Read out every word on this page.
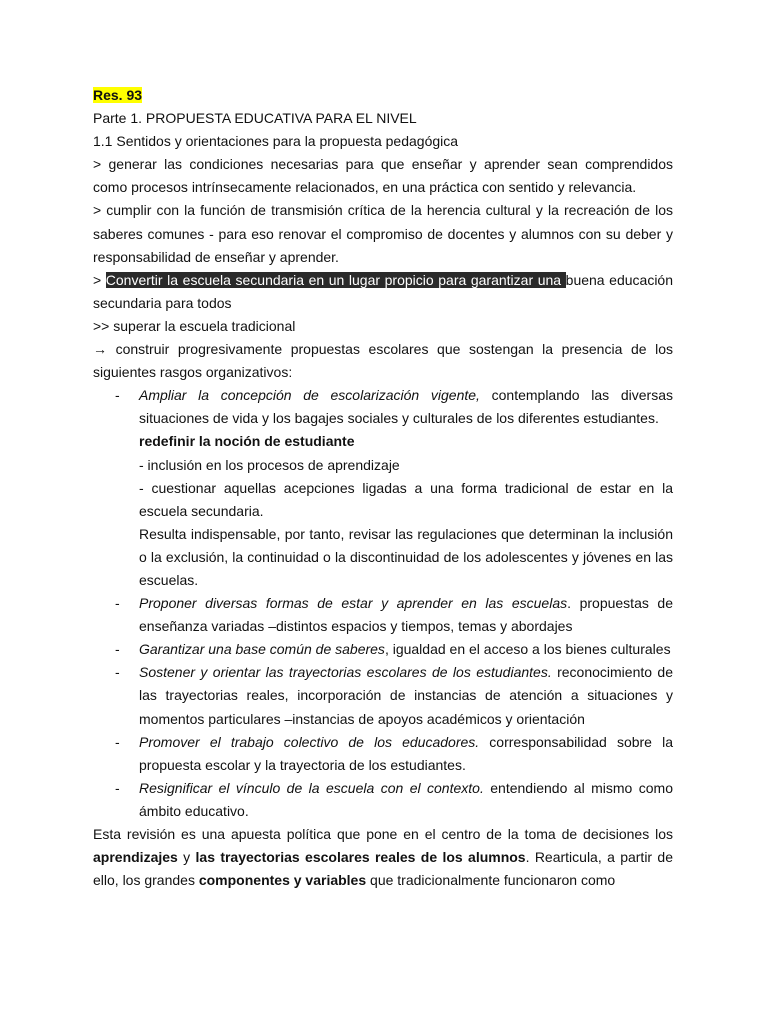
Res. 93

Parte 1. PROPUESTA EDUCATIVA PARA EL NIVEL

1.1 Sentidos y orientaciones para la propuesta pedagógica

> generar las condiciones necesarias para que enseñar y aprender sean comprendidos como procesos intrínsecamente relacionados, en una práctica con sentido y relevancia.

> cumplir con la función de transmisión crítica de la herencia cultural y la recreación de los saberes comunes - para eso renovar el compromiso de docentes y alumnos con su deber y responsabilidad de enseñar y aprender.

> Convertir la escuela secundaria en un lugar propicio para garantizar una buena educación secundaria para todos

>> superar la escuela tradicional

→ construir progresivamente propuestas escolares que sostengan la presencia de los siguientes rasgos organizativos:

- Ampliar la concepción de escolarización vigente, contemplando las diversas situaciones de vida y los bagajes sociales y culturales de los diferentes estudiantes.

redefinir la noción de estudiante

- inclusión en los procesos de aprendizaje

- cuestionar aquellas acepciones ligadas a una forma tradicional de estar en la escuela secundaria.

Resulta indispensable, por tanto, revisar las regulaciones que determinan la inclusión o la exclusión, la continuidad o la discontinuidad de los adolescentes y jóvenes en las escuelas.

- Proponer diversas formas de estar y aprender en las escuelas. propuestas de enseñanza variadas –distintos espacios y tiempos, temas y abordajes
- Garantizar una base común de saberes, igualdad en el acceso a los bienes culturales
- Sostener y orientar las trayectorias escolares de los estudiantes. reconocimiento de las trayectorias reales, incorporación de instancias de atención a situaciones y momentos particulares –instancias de apoyos académicos y orientación
- Promover el trabajo colectivo de los educadores. corresponsabilidad sobre la propuesta escolar y la trayectoria de los estudiantes.
- Resignificar el vínculo de la escuela con el contexto. entendiendo al mismo como ámbito educativo.

Esta revisión es una apuesta política que pone en el centro de la toma de decisiones los aprendizajes y las trayectorias escolares reales de los alumnos. Rearticula, a partir de ello, los grandes componentes y variables que tradicionalmente funcionaron como
